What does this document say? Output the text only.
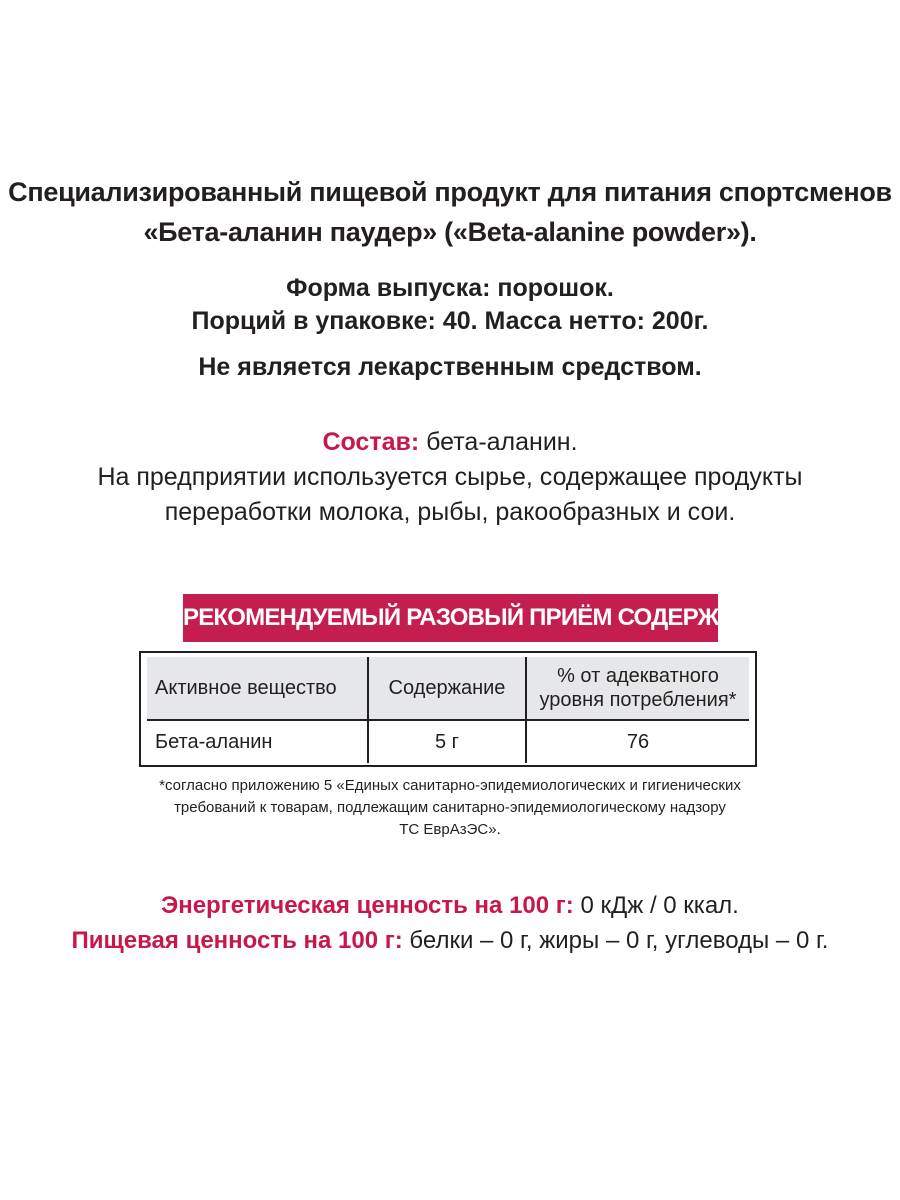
Специализированный пищевой продукт для питания спортсменов
«Бета-аланин паудер» («Beta-alanine powder»).
Форма выпуска: порошок.
Порций в упаковке: 40. Масса нетто: 200г.
Не является лекарственным средством.
Состав: бета-аланин.
На предприятии используется сырье, содержащее продукты
переработки молока, рыбы, ракообразных и сои.
РЕКОМЕНДУЕМЫЙ РАЗОВЫЙ ПРИЁМ СОДЕРЖИТ:
Активное вещество	Содержание	% от адекватного
уровня потребления*

Бета-аланин	5 г	76
*согласно приложению 5 «Единых санитарно-эпидемиологических и гигиенических
требований к товарам, подлежащим санитарно-эпидемиологическому надзору
ТС ЕврАзЭС».
Энергетическая ценность на 100 г: 0 кДж / 0 ккал.
Пищевая ценность на 100 г: белки – 0 г, жиры – 0 г, углеводы – 0 г.
